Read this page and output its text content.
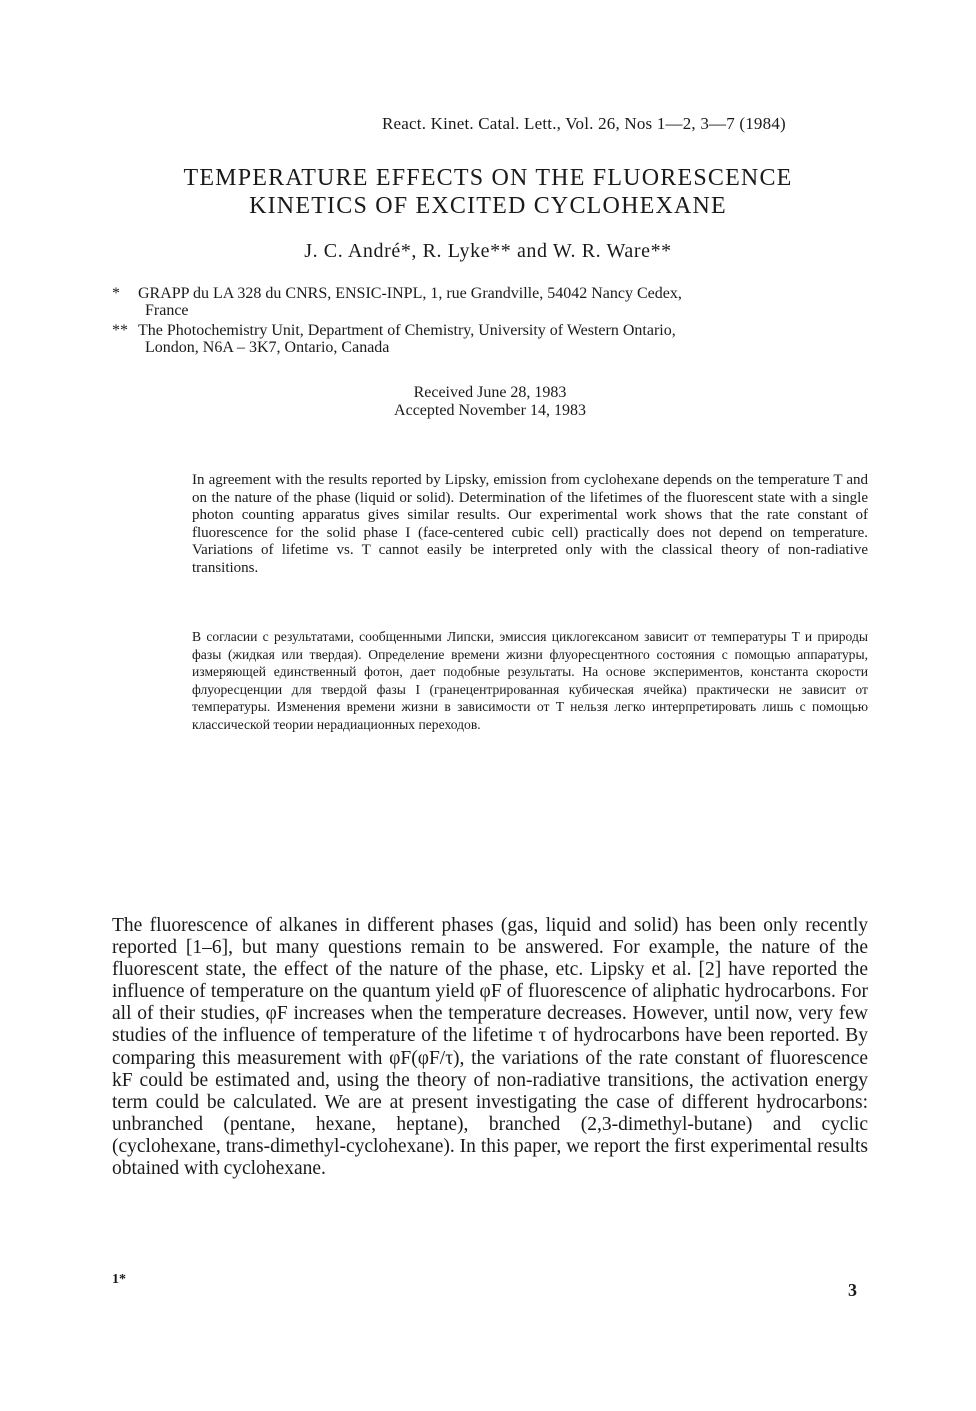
React. Kinet. Catal. Lett., Vol. 26, Nos 1—2, 3—7 (1984)
TEMPERATURE EFFECTS ON THE FLUORESCENCE
KINETICS OF EXCITED CYCLOHEXANE
J. C. André*, R. Lyke** and W. R. Ware**
* GRAPP du LA 328 du CNRS, ENSIC-INPL, 1, rue Grandville, 54042 Nancy Cedex,
France
** The Photochemistry Unit, Department of Chemistry, University of Western Ontario,
London, N6A – 3K7, Ontario, Canada
Received June 28, 1983
Accepted November 14, 1983
In agreement with the results reported by Lipsky, emission from cyclohexane depends on the temperature T and on the nature of the phase (liquid or solid). Determination of the lifetimes of the fluorescent state with a single photon counting apparatus gives similar results. Our experimental work shows that the rate constant of fluorescence for the solid phase I (face-centered cubic cell) practically does not depend on temperature. Variations of lifetime vs. T cannot easily be interpreted only with the classical theory of non-radiative transitions.
В согласии с результатами, сообщенными Липски, эмиссия циклогексаном зависит от температуры T и природы фазы (жидкая или твердая). Определение времени жизни флуоресцентного состояния с помощью аппаратуры, измеряющей единственный фотон, дает подобные результаты. На основе экспериментов, константа скорости флуоресценции для твердой фазы I (гранецентрированная кубическая ячейка) практически не зависит от температуры. Изменения времени жизни в зависимости от T нельзя легко интерпретировать лишь с помощью классической теории нерадиационных переходов.
The fluorescence of alkanes in different phases (gas, liquid and solid) has been only recently reported [1–6], but many questions remain to be answered. For example, the nature of the fluorescent state, the effect of the nature of the phase, etc. Lipsky et al. [2] have reported the influence of temperature on the quantum yield φF of fluorescence of aliphatic hydrocarbons. For all of their studies, φF increases when the temperature decreases. However, until now, very few studies of the influence of temperature of the lifetime τ of hydrocarbons have been reported. By comparing this measurement with φF(φF/τ), the variations of the rate constant of fluorescence kF could be estimated and, using the theory of non-radiative transitions, the activation energy term could be calculated. We are at present investigating the case of different hydrocarbons: unbranched (pentane, hexane, heptane), branched (2,3-dimethyl-butane) and cyclic (cyclohexane, trans-dimethyl-cyclohexane). In this paper, we report the first experimental results obtained with cyclohexane.
1*
3
